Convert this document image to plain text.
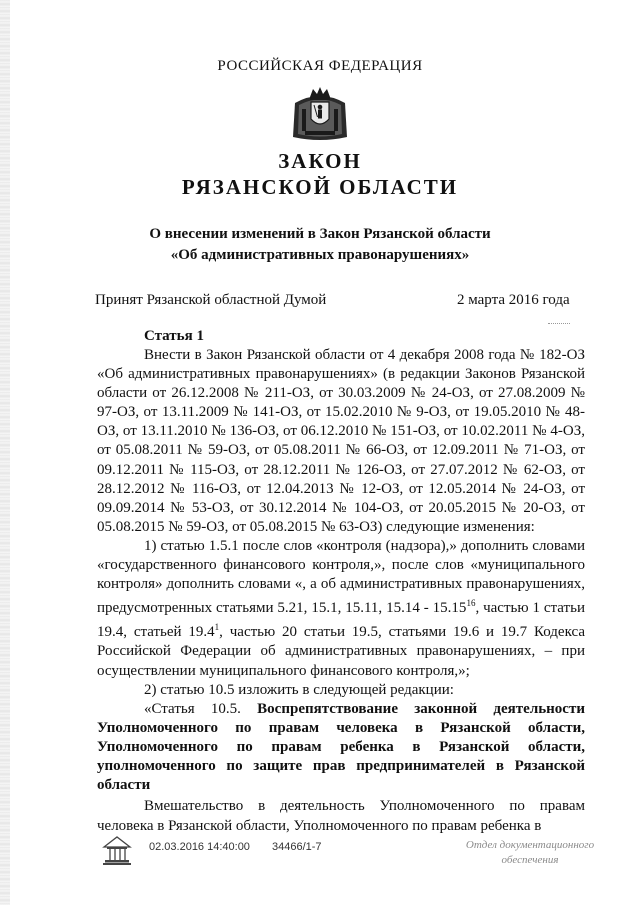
РОССИЙСКАЯ ФЕДЕРАЦИЯ
ЗАКОН
РЯЗАНСКОЙ ОБЛАСТИ
О внесении изменений в Закон Рязанской области
«Об административных правонарушениях»
Принят Рязанской областной Думой	2 марта 2016 года
Статья 1

Внести в Закон Рязанской области от 4 декабря 2008 года № 182-ОЗ «Об административных правонарушениях» (в редакции Законов Рязанской области от 26.12.2008 № 211-ОЗ, от 30.03.2009 № 24-ОЗ, от 27.08.2009 № 97-ОЗ, от 13.11.2009 № 141-ОЗ, от 15.02.2010 № 9-ОЗ, от 19.05.2010 № 48-ОЗ, от 13.11.2010 № 136-ОЗ, от 06.12.2010 № 151-ОЗ, от 10.02.2011 № 4-ОЗ, от 05.08.2011 № 59-ОЗ, от 05.08.2011 № 66-ОЗ, от 12.09.2011 № 71-ОЗ, от 09.12.2011 № 115-ОЗ, от 28.12.2011 № 126-ОЗ, от 27.07.2012 № 62-ОЗ, от 28.12.2012 № 116-ОЗ, от 12.04.2013 № 12-ОЗ, от 12.05.2014 № 24-ОЗ, от 09.09.2014 № 53-ОЗ, от 30.12.2014 № 104-ОЗ, от 20.05.2015 № 20-ОЗ, от 05.08.2015 № 59-ОЗ, от 05.08.2015 № 63-ОЗ) следующие изменения:

1) статью 1.5.1 после слов «контроля (надзора),» дополнить словами «государственного финансового контроля,», после слов «муниципального контроля» дополнить словами «, а об административных правонарушениях, предусмотренных статьями 5.21, 15.1, 15.11, 15.14 - 15.15$^{16}$, частью 1 статьи 19.4, статьей 19.4$^1$, частью 20 статьи 19.5, статьями 19.6 и 19.7 Кодекса Российской Федерации об административных правонарушениях, – при осуществлении муниципального финансового контроля,»;

2) статью 10.5 изложить в следующей редакции:

«Статья 10.5. Воспрепятствование законной деятельности Уполномоченного по правам человека в Рязанской области, Уполномоченного по правам ребенка в Рязанской области, уполномоченного по защите прав предпринимателей в Рязанской области

Вмешательство в деятельность Уполномоченного по правам человека в Рязанской области, Уполномоченного по правам ребенка в

02.03.2016 14:40:00 34466/1-7	Отдел документационного
обеспечения
